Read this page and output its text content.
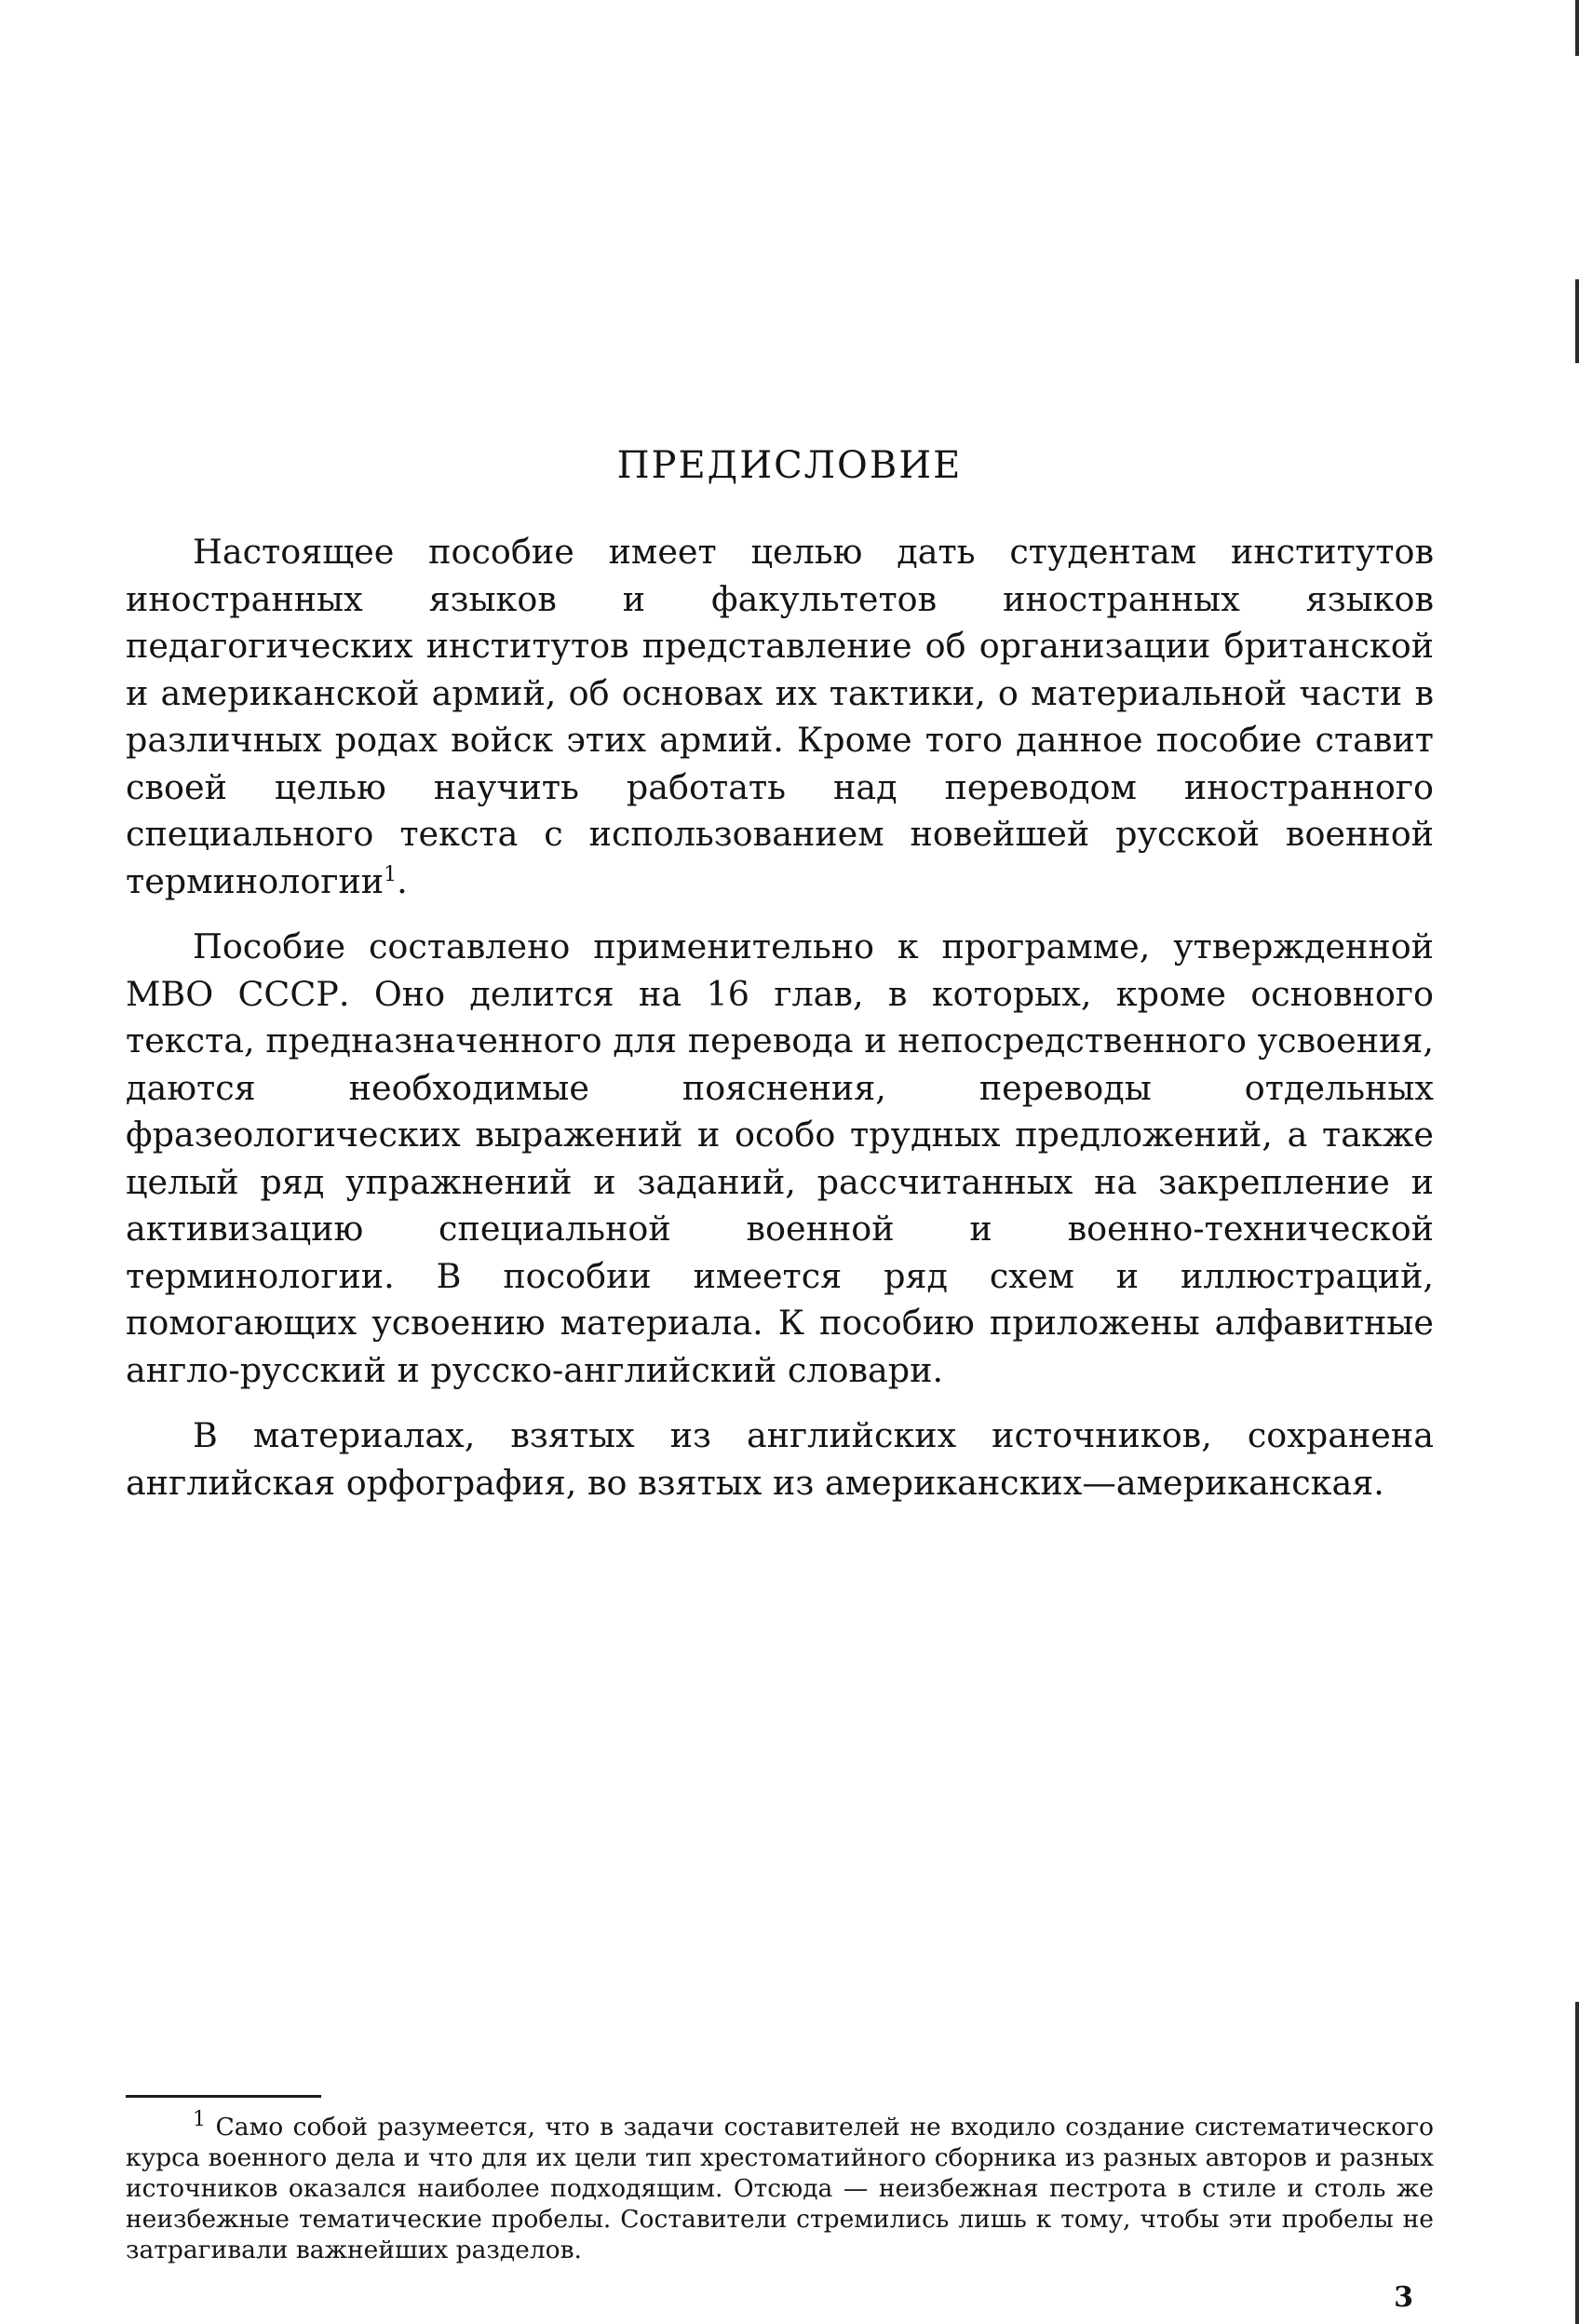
ПРЕДИСЛОВИЕ

Настоящее пособие имеет целью дать студентам институтов иностранных языков и факультетов иностранных языков педагогических институтов представление об организации британской и американской армий, об основах их тактики, о материальной части в различных родах войск этих армий. Кроме того данное пособие ставит своей целью научить работать над переводом иностранного специального текста с использованием новейшей русской военной терминологии$^1$.

Пособие составлено применительно к программе, утвержденной МВО СССР. Оно делится на 16 глав, в которых, кроме основного текста, предназначенного для перевода и непосредственного усвоения, даются необходимые пояснения, переводы отдельных фразеологических выражений и особо трудных предложений, а также целый ряд упражнений и заданий, рассчитанных на закрепление и активизацию специальной военной и военно-технической терминологии. В пособии имеется ряд схем и иллюстраций, помогающих усвоению материала. К пособию приложены алфавитные англо-русский и русско-английский словари.

В материалах, взятых из английских источников, сохранена английская орфография, во взятых из американских—американская.

$^1$ Само собой разумеется, что в задачи составителей не входило создание систематического курса военного дела и что для их цели тип хрестоматийного сборника из разных авторов и разных источников оказался наиболее подходящим. Отсюда — неизбежная пестрота в стиле и столь же неизбежные тематические пробелы. Составители стремились лишь к тому, чтобы эти пробелы не затрагивали важнейших разделов.

3
